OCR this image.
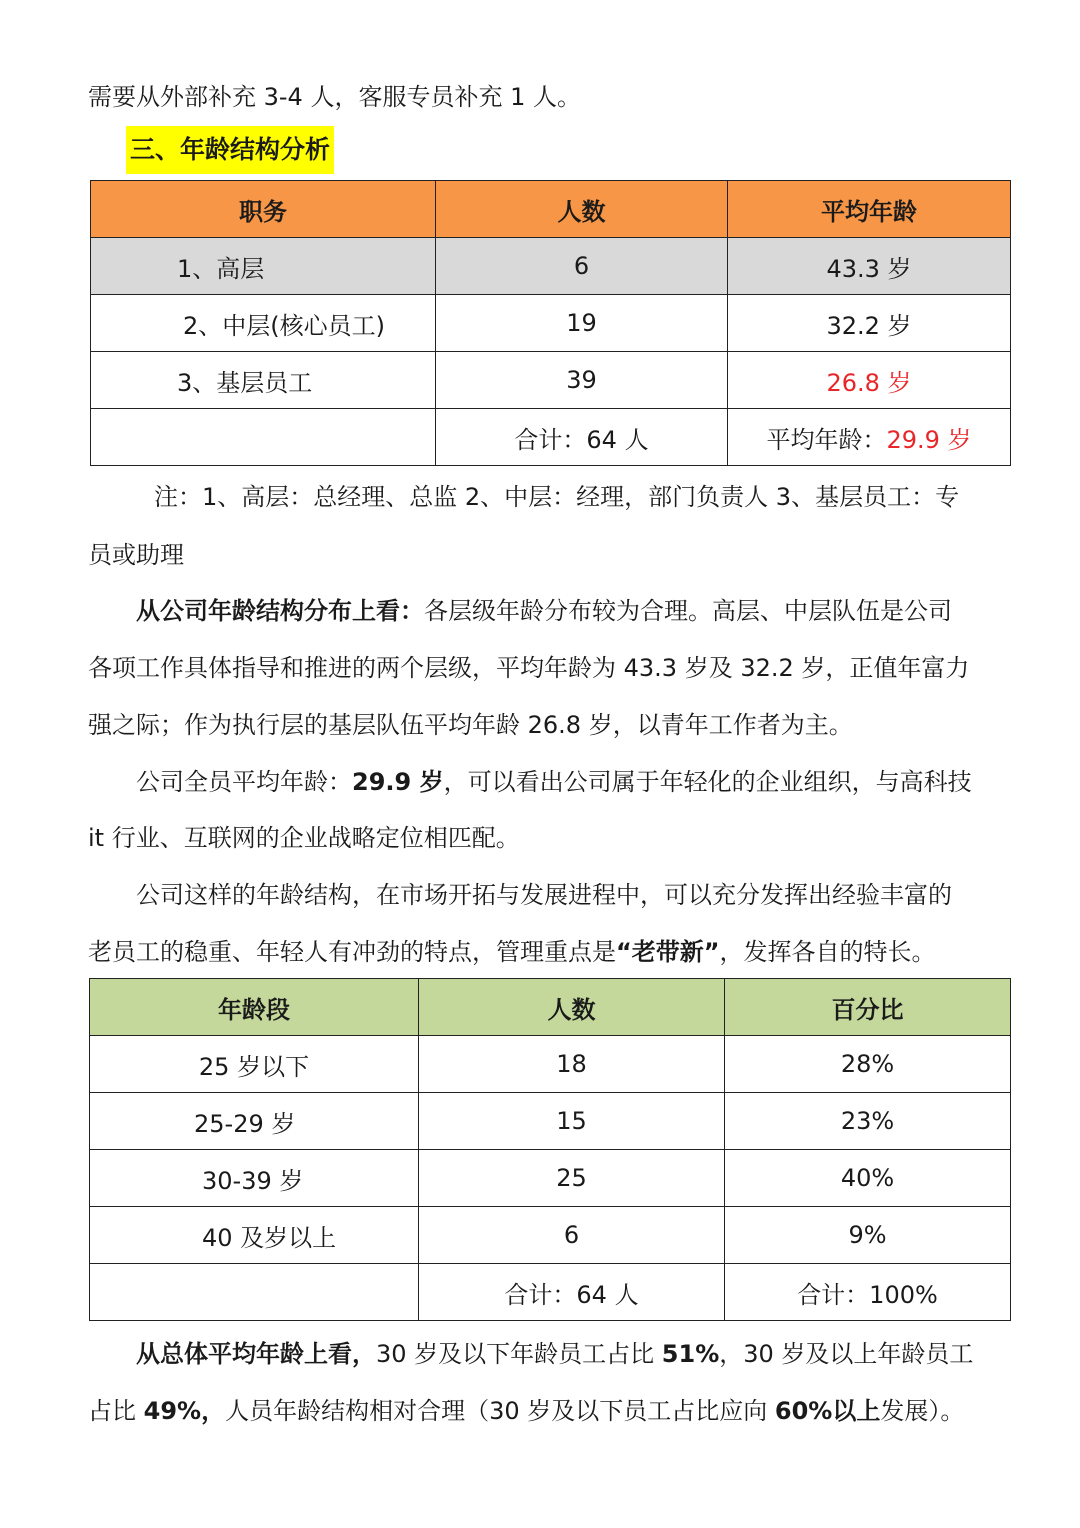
需要从外部补充 3-4 人，客服专员补充 1 人。
三、年龄结构分析
职务	人数	平均年龄
1、高层	6	43.3 岁
2、中层(核心员工)	19	32.2 岁
3、基层员工	39	26.8 岁
	合计：64 人	平均年龄：29.9 岁
注：1、高层：总经理、总监 2、中层：经理，部门负责人 3、基层员工：专
员或助理
从公司年龄结构分布上看：各层级年龄分布较为合理。高层、中层队伍是公司
各项工作具体指导和推进的两个层级，平均年龄为 43.3 岁及 32.2 岁，正值年富力
强之际；作为执行层的基层队伍平均年龄 26.8 岁，以青年工作者为主。
公司全员平均年龄：29.9 岁，可以看出公司属于年轻化的企业组织，与高科技
it 行业、互联网的企业战略定位相匹配。
公司这样的年龄结构，在市场开拓与发展进程中，可以充分发挥出经验丰富的
老员工的稳重、年轻人有冲劲的特点，管理重点是“老带新”，发挥各自的特长。
年龄段	人数	百分比
25 岁以下	18	28%
25-29 岁	15	23%
30-39 岁	25	40%
40 及岁以上	6	9%
	合计：64 人	合计：100%
从总体平均年龄上看，30 岁及以下年龄员工占比 51%，30 岁及以上年龄员工
占比 49%，人员年龄结构相对合理（30 岁及以下员工占比应向 60%以上发展）。
